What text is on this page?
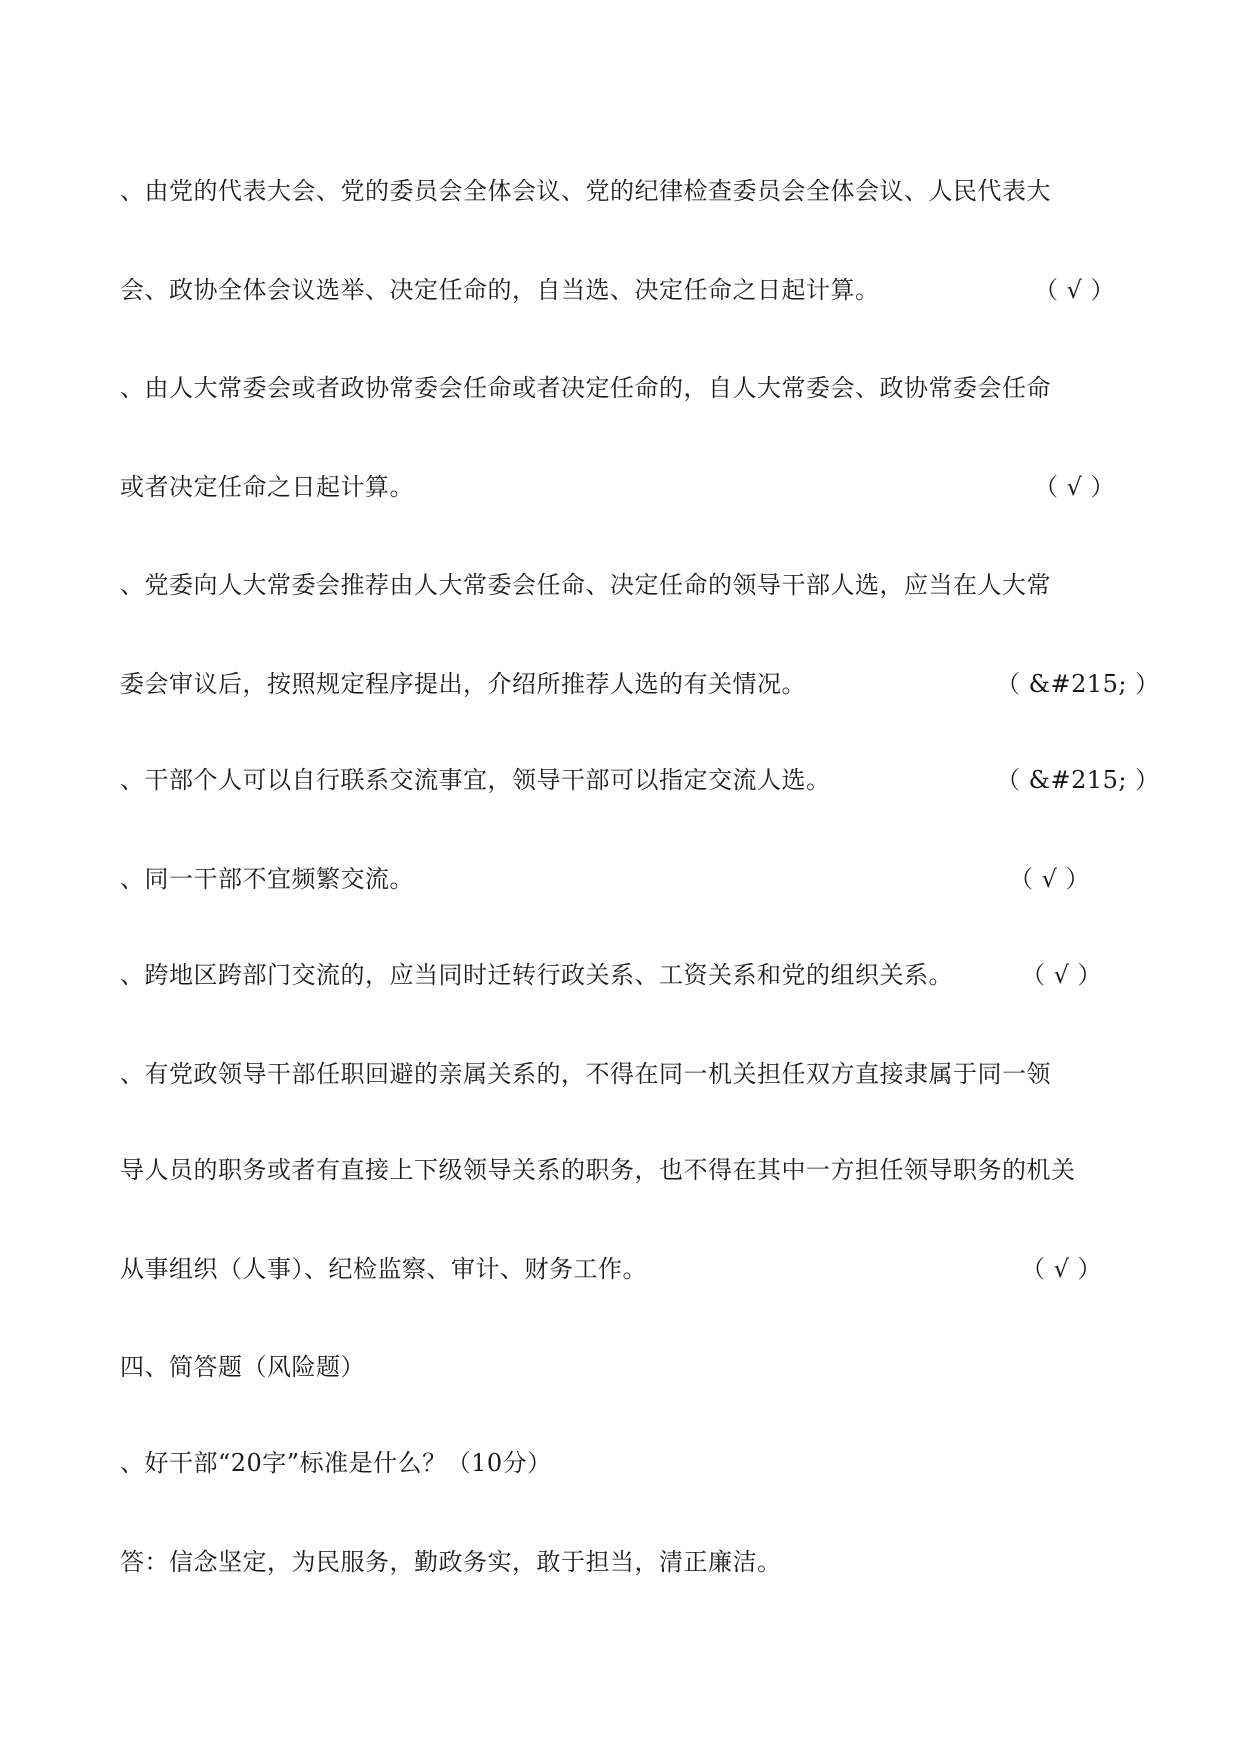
、由党的代表大会、党的委员会全体会议、党的纪律检查委员会全体会议、人民代表大
会、政协全体会议选举、决定任命的，自当选、决定任命之日起计算。	（ √ ）
、由人大常委会或者政协常委会任命或者决定任命的，自人大常委会、政协常委会任命
或者决定任命之日起计算。	（ √ ）
、党委向人大常委会推荐由人大常委会任命、决定任命的领导干部人选，应当在人大常
委会审议后，按照规定程序提出，介绍所推荐人选的有关情况。	（ &#215; ）
、干部个人可以自行联系交流事宜，领导干部可以指定交流人选。	（ &#215; ）
、同一干部不宜频繁交流。	（ √ ）
、跨地区跨部门交流的，应当同时迁转行政关系、工资关系和党的组织关系。	（ √ ）
、有党政领导干部任职回避的亲属关系的，不得在同一机关担任双方直接隶属于同一领
导人员的职务或者有直接上下级领导关系的职务，也不得在其中一方担任领导职务的机关
从事组织（人事）、纪检监察、审计、财务工作。	（ √ ）
四、简答题（风险题）
、好干部“20字”标准是什么？（10分）
答：信念坚定，为民服务，勤政务实，敢于担当，清正廉洁。
